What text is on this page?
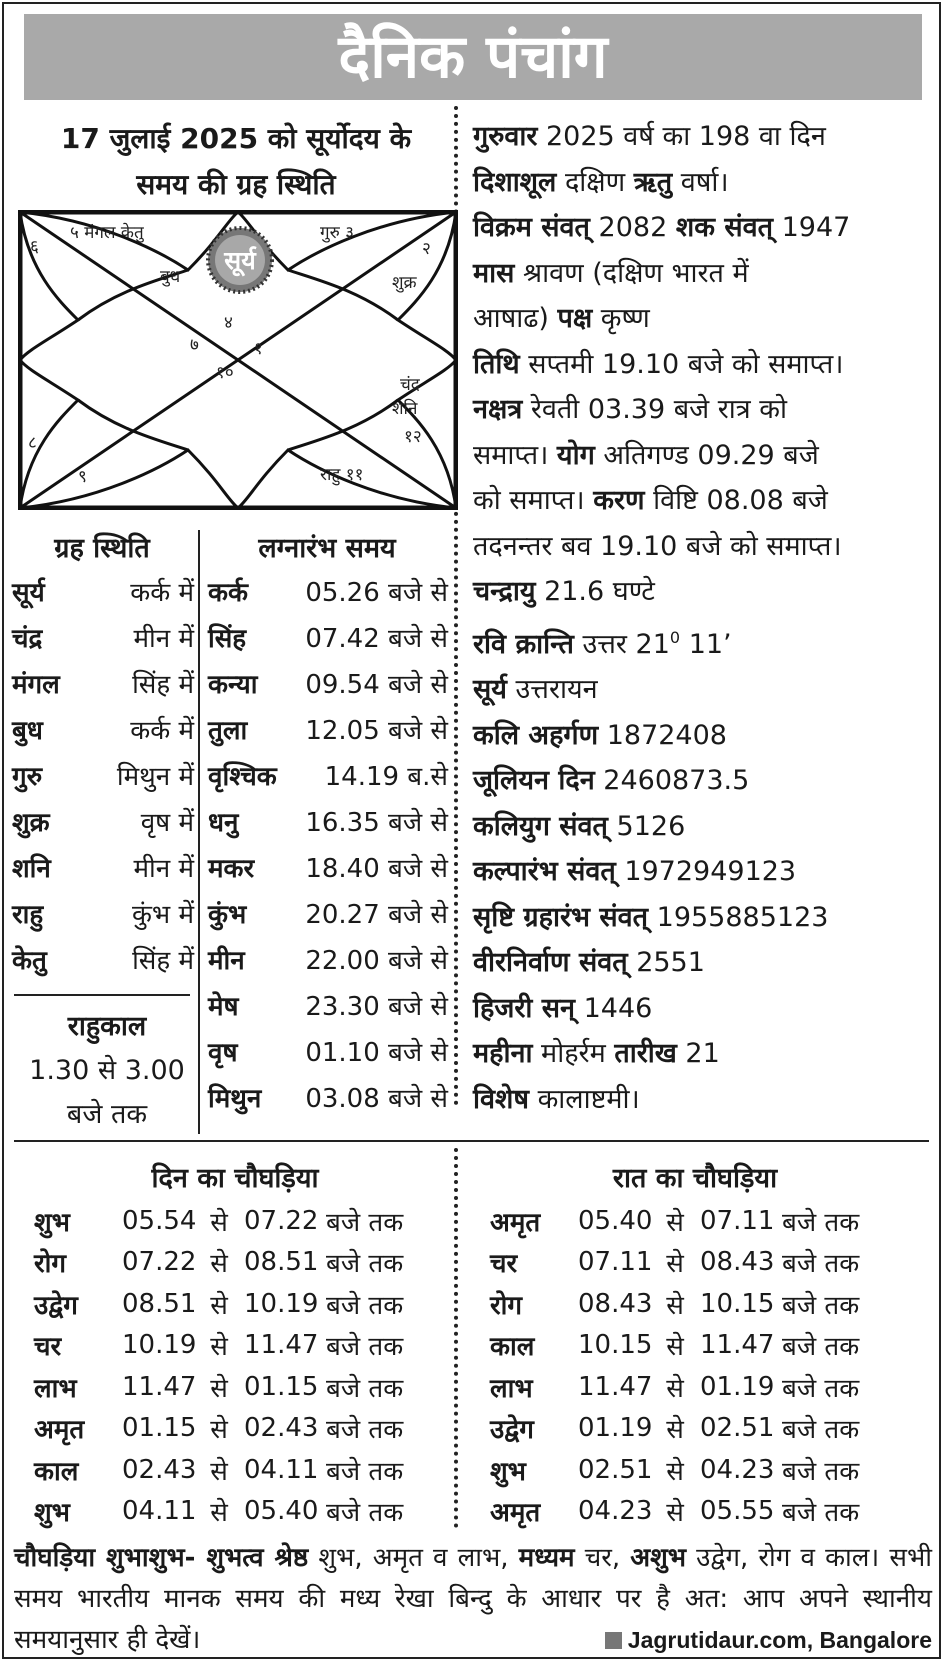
दैनिक पंचांग
17 जुलाई 2025 को सूर्योदय के
समय की ग्रह स्थिति
सूर्य
५ मंगल केतु
६
गुरु ३
२
बुध	शुक्र
४
७	१
१०
चंद्र
शनि
१२
८
९	राहु ११
गुरुवार 2025 वर्ष का 198 वा दिन
दिशाशूल दक्षिण ऋतु वर्षा।
विक्रम संवत् 2082 शक संवत् 1947
मास श्रावण (दक्षिण भारत में
आषाढ) पक्ष कृष्ण
तिथि सप्तमी 19.10 बजे को समाप्त।
नक्षत्र रेवती 03.39 बजे रात्र को
समाप्त। योग अतिगण्ड 09.29 बजे
को समाप्त। करण विष्टि 08.08 बजे
तदनन्तर बव 19.10 बजे को समाप्त।
चन्द्रायु 21.6 घण्टे
रवि क्रान्ति उत्तर $21^0$ 11’
सूर्य उत्तरायन
कलि अहर्गण 1872408
जूलियन दिन 2460873.5
कलियुग संवत् 5126
कल्पारंभ संवत् 1972949123
सृष्टि ग्रहारंभ संवत् 1955885123
वीरनिर्वाण संवत् 2551
हिजरी सन् 1446
महीना मोहर्रम तारीख 21
विशेष कालाष्टमी।
ग्रह स्थिति
सूर्य	कर्क में
चंद्र	मीन में
मंगल	सिंह में
बुध	कर्क में
गुरु	मिथुन में
शुक्र	वृष में
शनि	मीन में
राहु	कुंभ में
केतु	सिंह में
राहुकाल
1.30 से 3.00
बजे तक
लग्नारंभ समय
कर्क 05.26 बजे से
सिंह 07.42 बजे से
कन्या 09.54 बजे से
तुला 12.05 बजे से
वृश्चिक 14.19 ब.से
धनु	16.35 बजे से
मकर 18.40 बजे से
कुंभ 20.27 बजे से
मीन 22.00 बजे से
मेष	23.30 बजे से
वृष	01.10 बजे से
मिथुन 03.08 बजे से
दिन का चौघड़िया	रात का चौघड़िया
शुभ	05.54 से 07.22 बजे तक
रोग	07.22 से 08.51 बजे तक
उद्वेग	08.51 से 10.19 बजे तक
चर	10.19 से 11.47 बजे तक
लाभ	11.47 से 01.15 बजे तक
अमृत	01.15 से 02.43 बजे तक
काल	02.43 से 04.11 बजे तक
शुभ	04.11 से 05.40 बजे तक
अमृत	05.40 से 07.11 बजे तक
चर	07.11 से 08.43 बजे तक
रोग	08.43 से 10.15 बजे तक
काल	10.15 से 11.47 बजे तक
लाभ	11.47 से 01.19 बजे तक
उद्वेग	01.19 से 02.51 बजे तक
शुभ	02.51 से 04.23 बजे तक
अमृत	04.23 से 05.55 बजे तक
चौघड़िया शुभाशुभ- शुभत्व श्रेष्ठ शुभ, अमृत व लाभ, मध्यम चर, अशुभ उद्वेग, रोग व काल। सभी समय भारतीय मानक समय की मध्य रेखा बिन्दु के आधार पर है अत: आप अपने स्थानीय समयानुसार ही देखें।	Jagrutidaur.com, Bangalore
